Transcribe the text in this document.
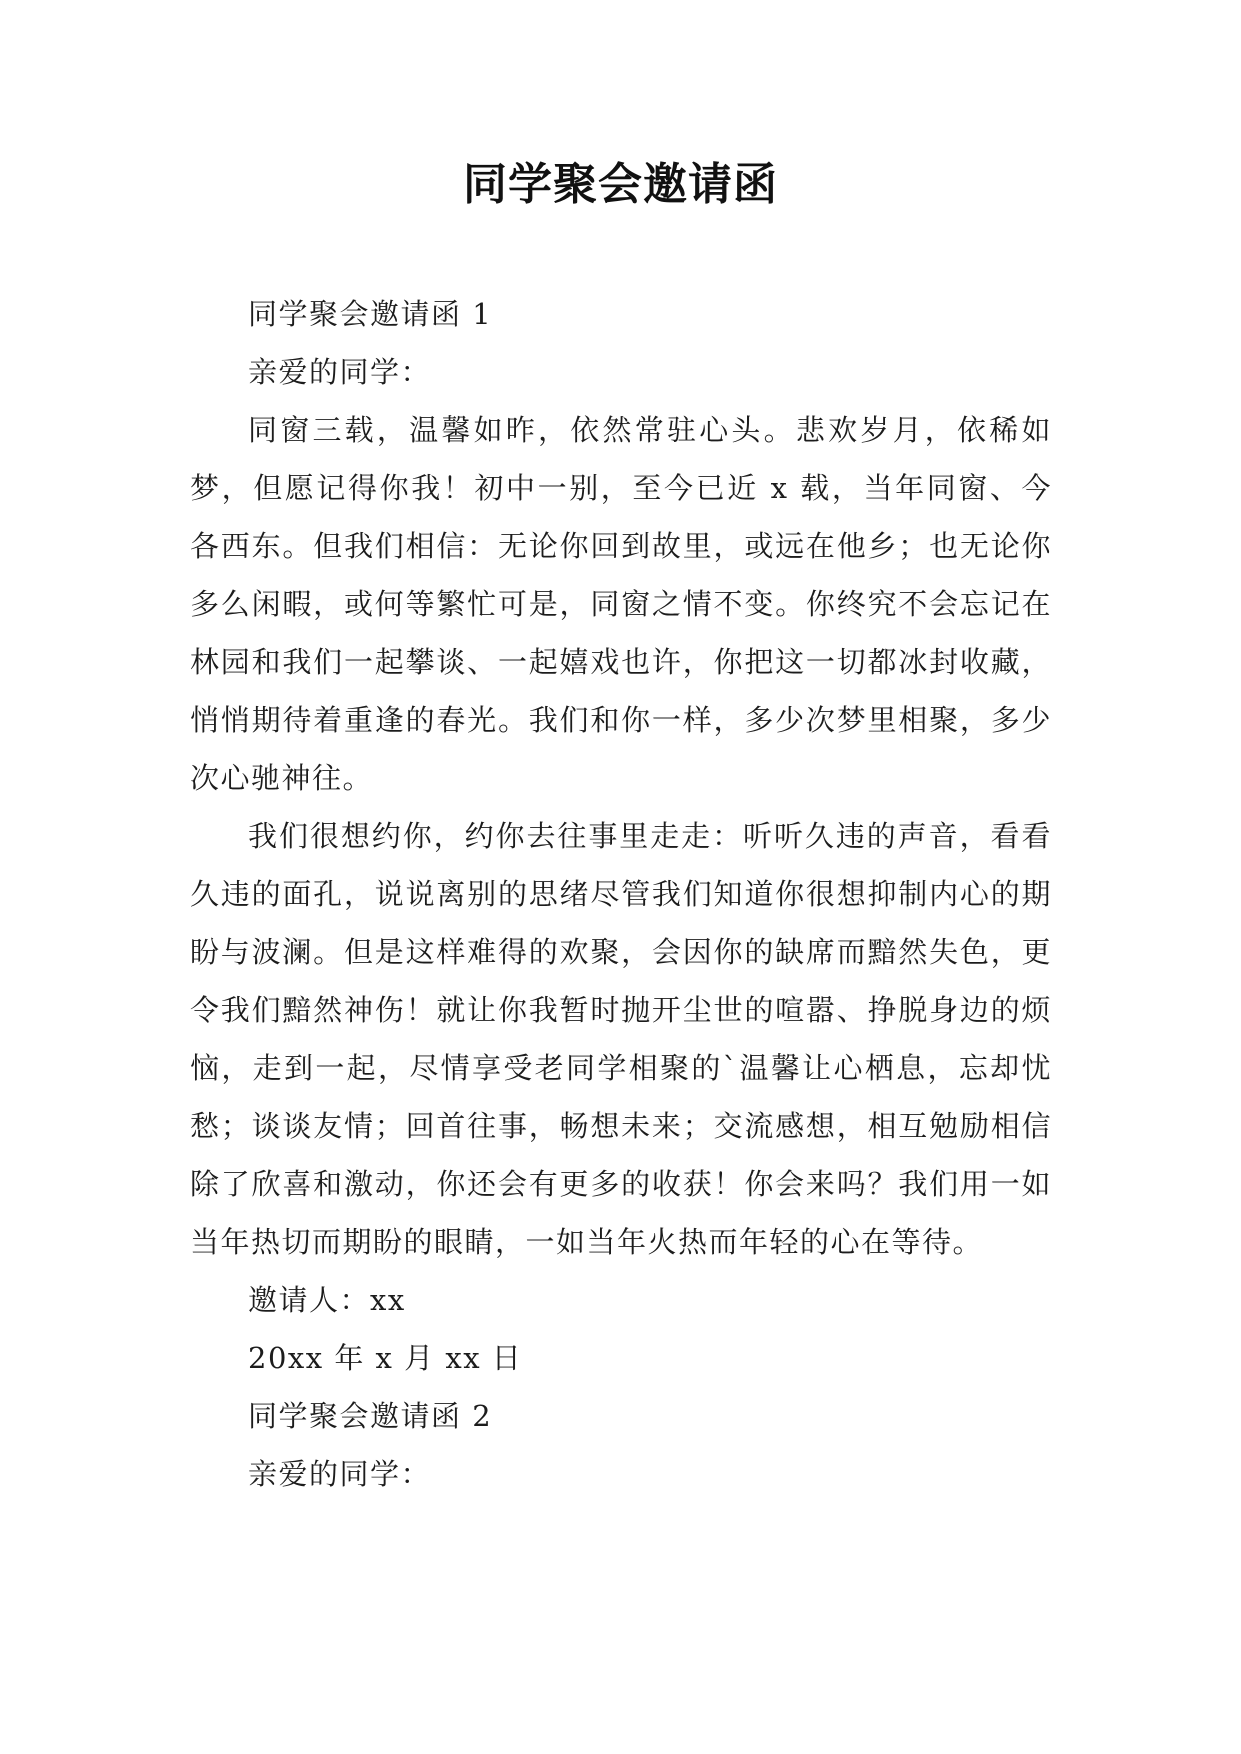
同学聚会邀请函

同学聚会邀请函 1

亲爱的同学：

同窗三载，温馨如昨，依然常驻心头。悲欢岁月，依稀如梦，但愿记得你我！初中一别，至今已近 x 载，当年同窗、今各西东。但我们相信：无论你回到故里，或远在他乡；也无论你多么闲暇，或何等繁忙可是，同窗之情不变。你终究不会忘记在林园和我们一起攀谈、一起嬉戏也许，你把这一切都冰封收藏，悄悄期待着重逢的春光。我们和你一样，多少次梦里相聚，多少次心驰神往。

我们很想约你，约你去往事里走走：听听久违的声音，看看久违的面孔，说说离别的思绪尽管我们知道你很想抑制内心的期盼与波澜。但是这样难得的欢聚，会因你的缺席而黯然失色，更令我们黯然神伤！就让你我暂时抛开尘世的喧嚣、挣脱身边的烦恼，走到一起，尽情享受老同学相聚的`温馨让心栖息，忘却忧愁；谈谈友情；回首往事，畅想未来；交流感想，相互勉励相信除了欣喜和激动，你还会有更多的收获！你会来吗？我们用一如当年热切而期盼的眼睛，一如当年火热而年轻的心在等待。

邀请人：xx

20xx 年 x 月 xx 日

同学聚会邀请函 2

亲爱的同学：
